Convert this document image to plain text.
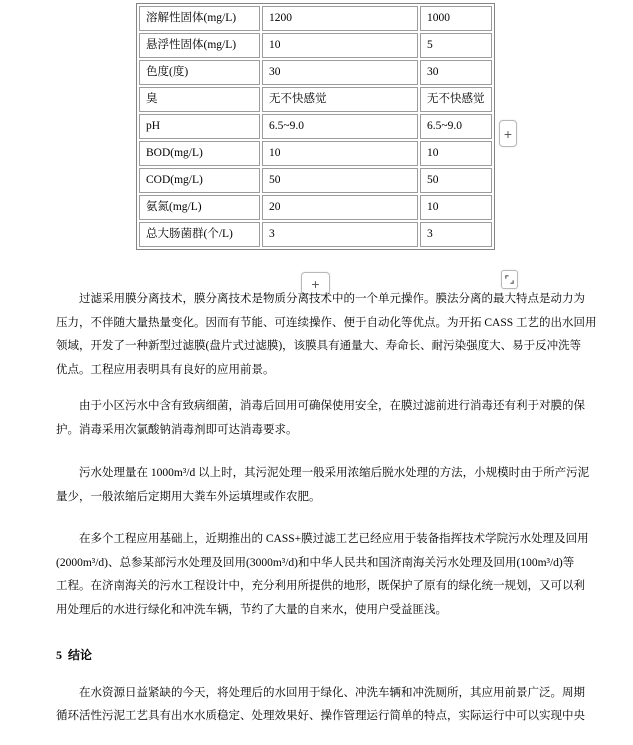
溶解性固体(mg/L)	1200	1000
悬浮性固体(mg/L)	10	5
色度(度)	30	30
臭	无不快感觉	无不快感觉
pH	6.5~9.0	6.5~9.0
BOD(mg/L)	10	10
COD(mg/L)	50	50
氨氮(mg/L)	20	10
总大肠菌群(个/L)	3	3
+
+
过滤采用膜分离技术，膜分离技术是物质分离技术中的一个单元操作。膜法分离的最大特点是动力为
压力，不伴随大量热量变化。因而有节能、可连续操作、便于自动化等优点。为开拓 CASS 工艺的出水回用
领域，开发了一种新型过滤膜(盘片式过滤膜)，该膜具有通量大、寿命长、耐污染强度大、易于反冲洗等
优点。工程应用表明具有良好的应用前景。
由于小区污水中含有致病细菌，消毒后回用可确保使用安全，在膜过滤前进行消毒还有利于对膜的保
护。消毒采用次氯酸钠消毒剂即可达消毒要求。
污水处理量在 1000m³/d 以上时，其污泥处理一般采用浓缩后脱水处理的方法，小规模时由于所产污泥
量少，一般浓缩后定期用大粪车外运填埋或作农肥。
在多个工程应用基础上，近期推出的 CASS+膜过滤工艺已经应用于装备指挥技术学院污水处理及回用
(2000m³/d)、总参某部污水处理及回用(3000m³/d)和中华人民共和国济南海关污水处理及回用(100m³/d)等
工程。在济南海关的污水工程设计中，充分利用所提供的地形，既保护了原有的绿化统一规划，又可以利
用处理后的水进行绿化和冲洗车辆，节约了大量的自来水，使用户受益匪浅。
5  结论
在水资源日益紧缺的今天，将处理后的水回用于绿化、冲洗车辆和冲洗厕所，其应用前景广泛。周期
循环活性污泥工艺具有出水水质稳定、处理效果好、操作管理运行简单的特点，实际运行中可以实现中央
